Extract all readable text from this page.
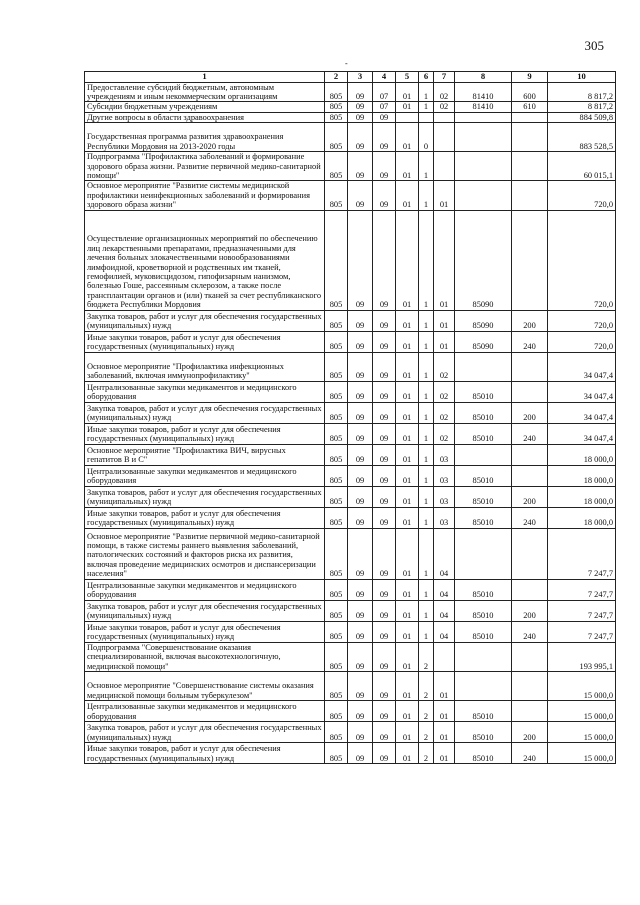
305
-
1	2	3	4	5	6	7	8	9	10
Предоставление субсидий бюджетным, автономным учреждениям и иным некоммерческим организациям	805	09	07	01	1	02	81410	600	8 817,2
Субсидии бюджетным учреждениям	805	09	07	01	1	02	81410	610	8 817,2
Другие вопросы в области здравоохранения	805	09	09						884 509,8
Государственная программа развития здравоохранения Республики Мордовия на 2013-2020 годы	805	09	09	01	0				883 528,5
Подпрограмма "Профилактика заболеваний и формирование здорового образа жизни. Развитие первичной медико-санитарной помощи"	805	09	09	01	1				60 015,1
Основное мероприятие "Развитие системы медицинской профилактики неинфекционных заболеваний и формирования здорового образа жизни"	805	09	09	01	1	01			720,0
Осуществление организационных мероприятий по обеспечению лиц лекарственными препаратами, предназначенными для лечения больных злокачественными новообразованиями лимфоидной, кроветворной и родственных им тканей, гемофилией, муковисцидозом, гипофизарным нанизмом, болезнью Гоше, рассеянным склерозом, а также после трансплантации органов и (или) тканей за счет республиканского бюджета Республики Мордовия	805	09	09	01	1	01	85090		720,0
Закупка товаров, работ и услуг для обеспечения государственных (муниципальных) нужд	805	09	09	01	1	01	85090	200	720,0
Иные закупки товаров, работ и услуг для обеспечения государственных (муниципальных) нужд	805	09	09	01	1	01	85090	240	720,0
Основное мероприятие "Профилактика инфекционных заболеваний, включая иммунопрофилактику"	805	09	09	01	1	02			34 047,4
Централизованные закупки медикаментов и медицинского оборудования	805	09	09	01	1	02	85010		34 047,4
Закупка товаров, работ и услуг для обеспечения государственных (муниципальных) нужд	805	09	09	01	1	02	85010	200	34 047,4
Иные закупки товаров, работ и услуг для обеспечения государственных (муниципальных) нужд	805	09	09	01	1	02	85010	240	34 047,4
Основное мероприятие "Профилактика ВИЧ, вирусных гепатитов В и С"	805	09	09	01	1	03			18 000,0
Централизованные закупки медикаментов и медицинского оборудования	805	09	09	01	1	03	85010		18 000,0
Закупка товаров, работ и услуг для обеспечения государственных (муниципальных) нужд	805	09	09	01	1	03	85010	200	18 000,0
Иные закупки товаров, работ и услуг для обеспечения государственных (муниципальных) нужд	805	09	09	01	1	03	85010	240	18 000,0
Основное мероприятие "Развитие первичной медико-санитарной помощи, в также системы раннего выявления заболеваний, патологических состояний и факторов риска их развития, включая проведение медицинских осмотров и диспансеризации населения"	805	09	09	01	1	04			7 247,7
Централизованные закупки медикаментов и медицинского оборудования	805	09	09	01	1	04	85010		7 247,7
Закупка товаров, работ и услуг для обеспечения государственных (муниципальных) нужд	805	09	09	01	1	04	85010	200	7 247,7
Иные закупки товаров, работ и услуг для обеспечения государственных (муниципальных) нужд	805	09	09	01	1	04	85010	240	7 247,7
Подпрограмма "Совершенствование оказания специализированной, включая высокотехнологичную, медицинской помощи"	805	09	09	01	2				193 995,1
Основное мероприятие "Совершенствование системы оказания медицинской помощи больным туберкулезом"	805	09	09	01	2	01			15 000,0
Централизованные закупки медикаментов и медицинского оборудования	805	09	09	01	2	01	85010		15 000,0
Закупка товаров, работ и услуг для обеспечения государственных (муниципальных) нужд	805	09	09	01	2	01	85010	200	15 000,0
Иные закупки товаров, работ и услуг для обеспечения государственных (муниципальных) нужд	805	09	09	01	2	01	85010	240	15 000,0
